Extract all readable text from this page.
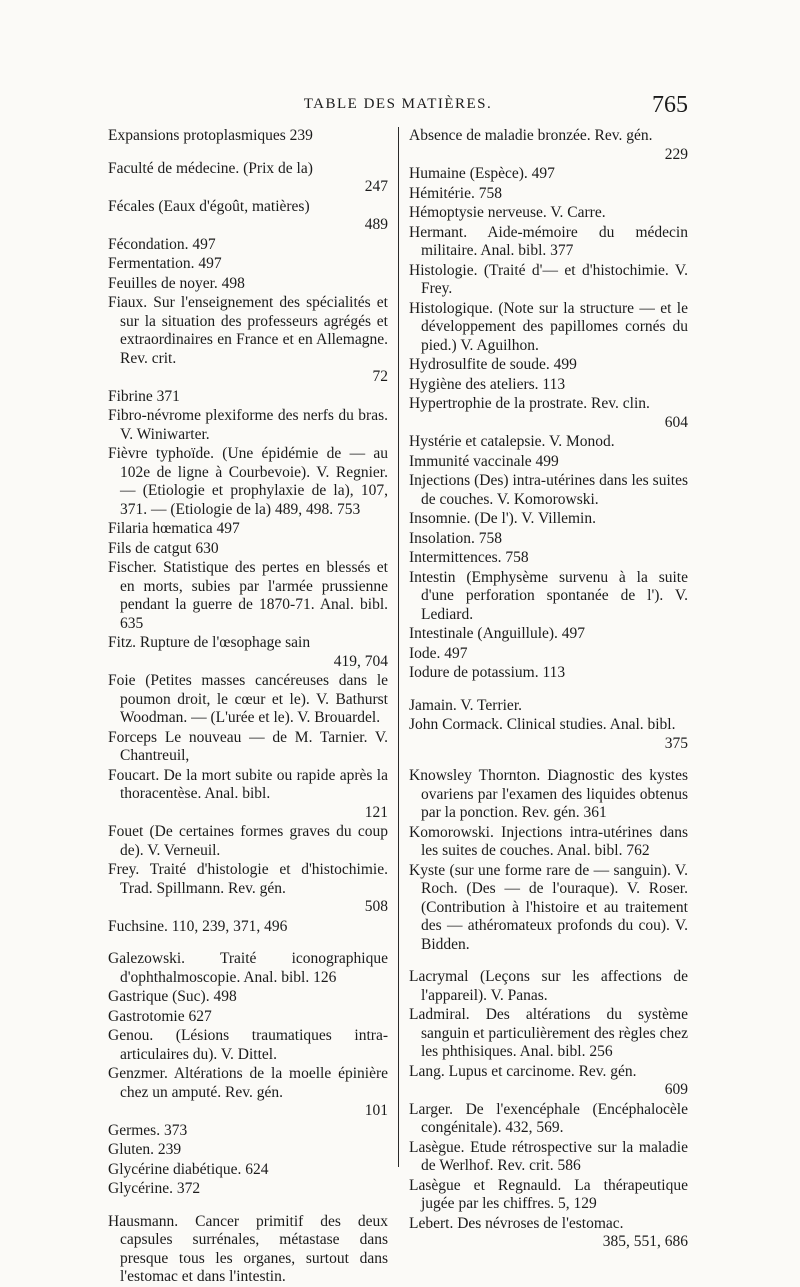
TABLE DES MATIÈRES.	765
Expansions protoplasmiques 239
Faculté de médecine. (Prix de la)
247
Fécales (Eaux d'égoût, matières)
489
Fécondation. 497
Fermentation. 497
Feuilles de noyer. 498
Fiaux. Sur l'enseignement des spécialités et sur la situation des professeurs agrégés et extraordinaires en France et en Allemagne. Rev. crit.
72
Fibrine 371
Fibro-névrome plexiforme des nerfs du bras. V. Winiwarter.
Fièvre typhoïde. (Une épidémie de — au 102e de ligne à Courbevoie). V. Regnier. — (Etiologie et prophylaxie de la), 107, 371. — (Etiologie de la) 489, 498. 753
Filaria hœmatica 497
Fils de catgut 630
Fischer. Statistique des pertes en blessés et en morts, subies par l'armée prussienne pendant la guerre de 1870-71. Anal. bibl. 635
Fitz. Rupture de l'œsophage sain
419, 704
Foie (Petites masses cancéreuses dans le poumon droit, le cœur et le). V. Bathurst Woodman. — (L'urée et le). V. Brouardel.
Forceps Le nouveau — de M. Tarnier. V. Chantreuil,
Foucart. De la mort subite ou rapide après la thoracentèse. Anal. bibl.
121
Fouet (De certaines formes graves du coup de). V. Verneuil.
Frey. Traité d'histologie et d'histochimie. Trad. Spillmann. Rev. gén.
508
Fuchsine. 110, 239, 371, 496
Galezowski. Traité iconographique d'ophthalmoscopie. Anal. bibl. 126
Gastrique (Suc). 498
Gastrotomie 627
Genou. (Lésions traumatiques intra-articulaires du). V. Dittel.
Genzmer. Altérations de la moelle épinière chez un amputé. Rev. gén.
101
Germes. 373
Gluten. 239
Glycérine diabétique. 624
Glycérine. 372
Hausmann. Cancer primitif des deux capsules surrénales, métastase dans presque tous les organes, surtout dans l'estomac et dans l'intestin.
Absence de maladie bronzée. Rev. gén.
229
Humaine (Espèce). 497
Hémitérie. 758
Hémoptysie nerveuse. V. Carre.
Hermant. Aide-mémoire du médecin militaire. Anal. bibl. 377
Histologie. (Traité d'— et d'histochimie. V. Frey.
Histologique. (Note sur la structure — et le développement des papillomes cornés du pied.) V. Aguilhon.
Hydrosulfite de soude. 499
Hygiène des ateliers. 113
Hypertrophie de la prostrate. Rev. clin.
604
Hystérie et catalepsie. V. Monod.
Immunité vaccinale 499
Injections (Des) intra-utérines dans les suites de couches. V. Komorowski.
Insomnie. (De l'). V. Villemin.
Insolation. 758
Intermittences. 758
Intestin (Emphysème survenu à la suite d'une perforation spontanée de l'). V. Lediard.
Intestinale (Anguillule). 497
Iode. 497
Iodure de potassium. 113
Jamain. V. Terrier.
John Cormack. Clinical studies. Anal. bibl.
375
Knowsley Thornton. Diagnostic des kystes ovariens par l'examen des liquides obtenus par la ponction. Rev. gén. 361
Komorowski. Injections intra-utérines dans les suites de couches. Anal. bibl. 762
Kyste (sur une forme rare de — sanguin). V. Roch. (Des — de l'ouraque). V. Roser. (Contribution à l'histoire et au traitement des — athéromateux profonds du cou). V. Bidden.
Lacrymal (Leçons sur les affections de l'appareil). V. Panas.
Ladmiral. Des altérations du système sanguin et particulièrement des règles chez les phthisiques. Anal. bibl. 256
Lang. Lupus et carcinome. Rev. gén.
609
Larger. De l'exencéphale (Encéphalocèle congénitale). 432, 569.
Lasègue. Etude rétrospective sur la maladie de Werlhof. Rev. crit. 586
Lasègue et Regnauld. La thérapeutique jugée par les chiffres. 5, 129
Lebert. Des névroses de l'estomac.
385, 551, 686
